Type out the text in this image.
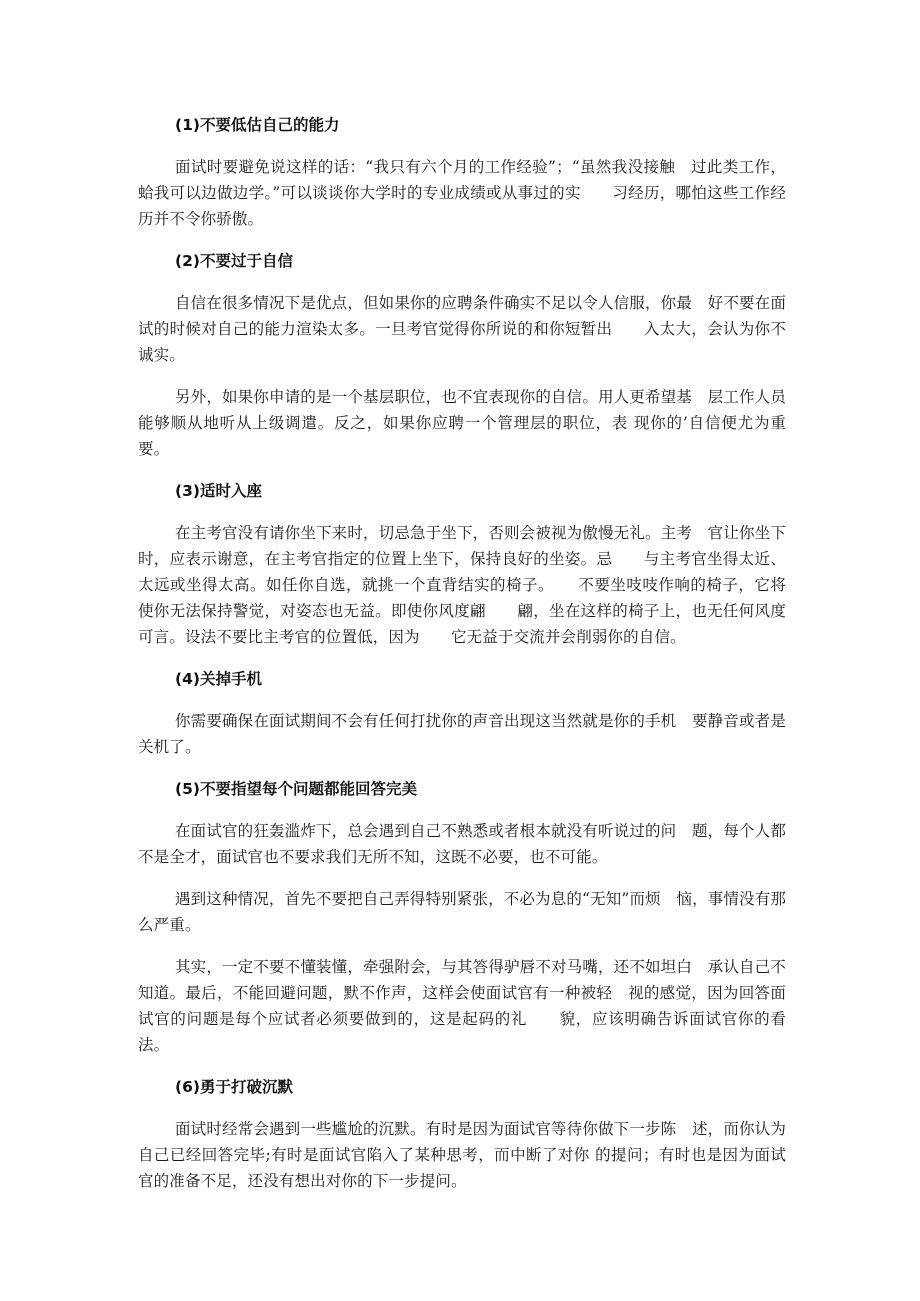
(1)不要低估自己的能力

面试时要避免说这样的话：“我只有六个月的工作经验”；“虽然我没接触　过此类工作，蛤我可以边做边学。”可以谈谈你大学时的专业成绩或从事过的实　　习经历，哪怕这些工作经历并不令你骄傲。

(2)不要过于自信

自信在很多情况下是优点，但如果你的应聘条件确实不足以令人信服，你最　好不要在面试的时候对自己的能力渲染太多。一旦考官觉得你所说的和你短暂出　　入太大，会认为你不诚实。

另外，如果你申请的是一个基层职位，也不宜表现你的自信。用人更希望基　层工作人员能够顺从地听从上级调遣。反之，如果你应聘一个管理层的职位，表 现你的’自信便尤为重要。

(3)适时入座

在主考官没有请你坐下来时，切忌急于坐下，否则会被视为傲慢无礼。主考　官让你坐下时，应表示谢意，在主考官指定的位置上坐下，保持良好的坐姿。忌　　与主考官坐得太近、太远或坐得太高。如任你自选，就挑一个直背结实的椅子。　　不要坐吱吱作响的椅子，它将使你无法保持警觉，对姿态也无益。即使你风度翩　　翩，坐在这样的椅子上，也无任何风度可言。设法不要比主考官的位置低，因为　　它无益于交流并会削弱你的自信。

(4)关掉手机

你需要确保在面试期间不会有任何打扰你的声音出现这当然就是你的手机　要静音或者是关机了。

(5)不要指望每个问题都能回答完美

在面试官的狂轰滥炸下，总会遇到自己不熟悉或者根本就没有听说过的问　题，每个人都不是全才，面试官也不要求我们无所不知，这既不必要，也不可能。

遇到这种情况，首先不要把自己弄得特别紧张，不必为息的“无知”而烦　恼，事情没有那么严重。

其实，一定不要不懂装懂，牵强附会，与其答得驴唇不对马嘴，还不如坦白　承认自己不知道。最后，不能回避问题，默不作声，这样会使面试官有一种被轻　视的感觉，因为回答面试官的问题是每个应试者必须要做到的，这是起码的礼　　貌，应该明确告诉面试官你的看法。

(6)勇于打破沉默

面试时经常会遇到一些尴尬的沉默。有时是因为面试官等待你做下一步陈　述，而你认为自己已经回答完毕;有时是面试官陷入了某种思考，而中断了对你 的提问；有时也是因为面试官的准备不足，还没有想出对你的下一步提问。
